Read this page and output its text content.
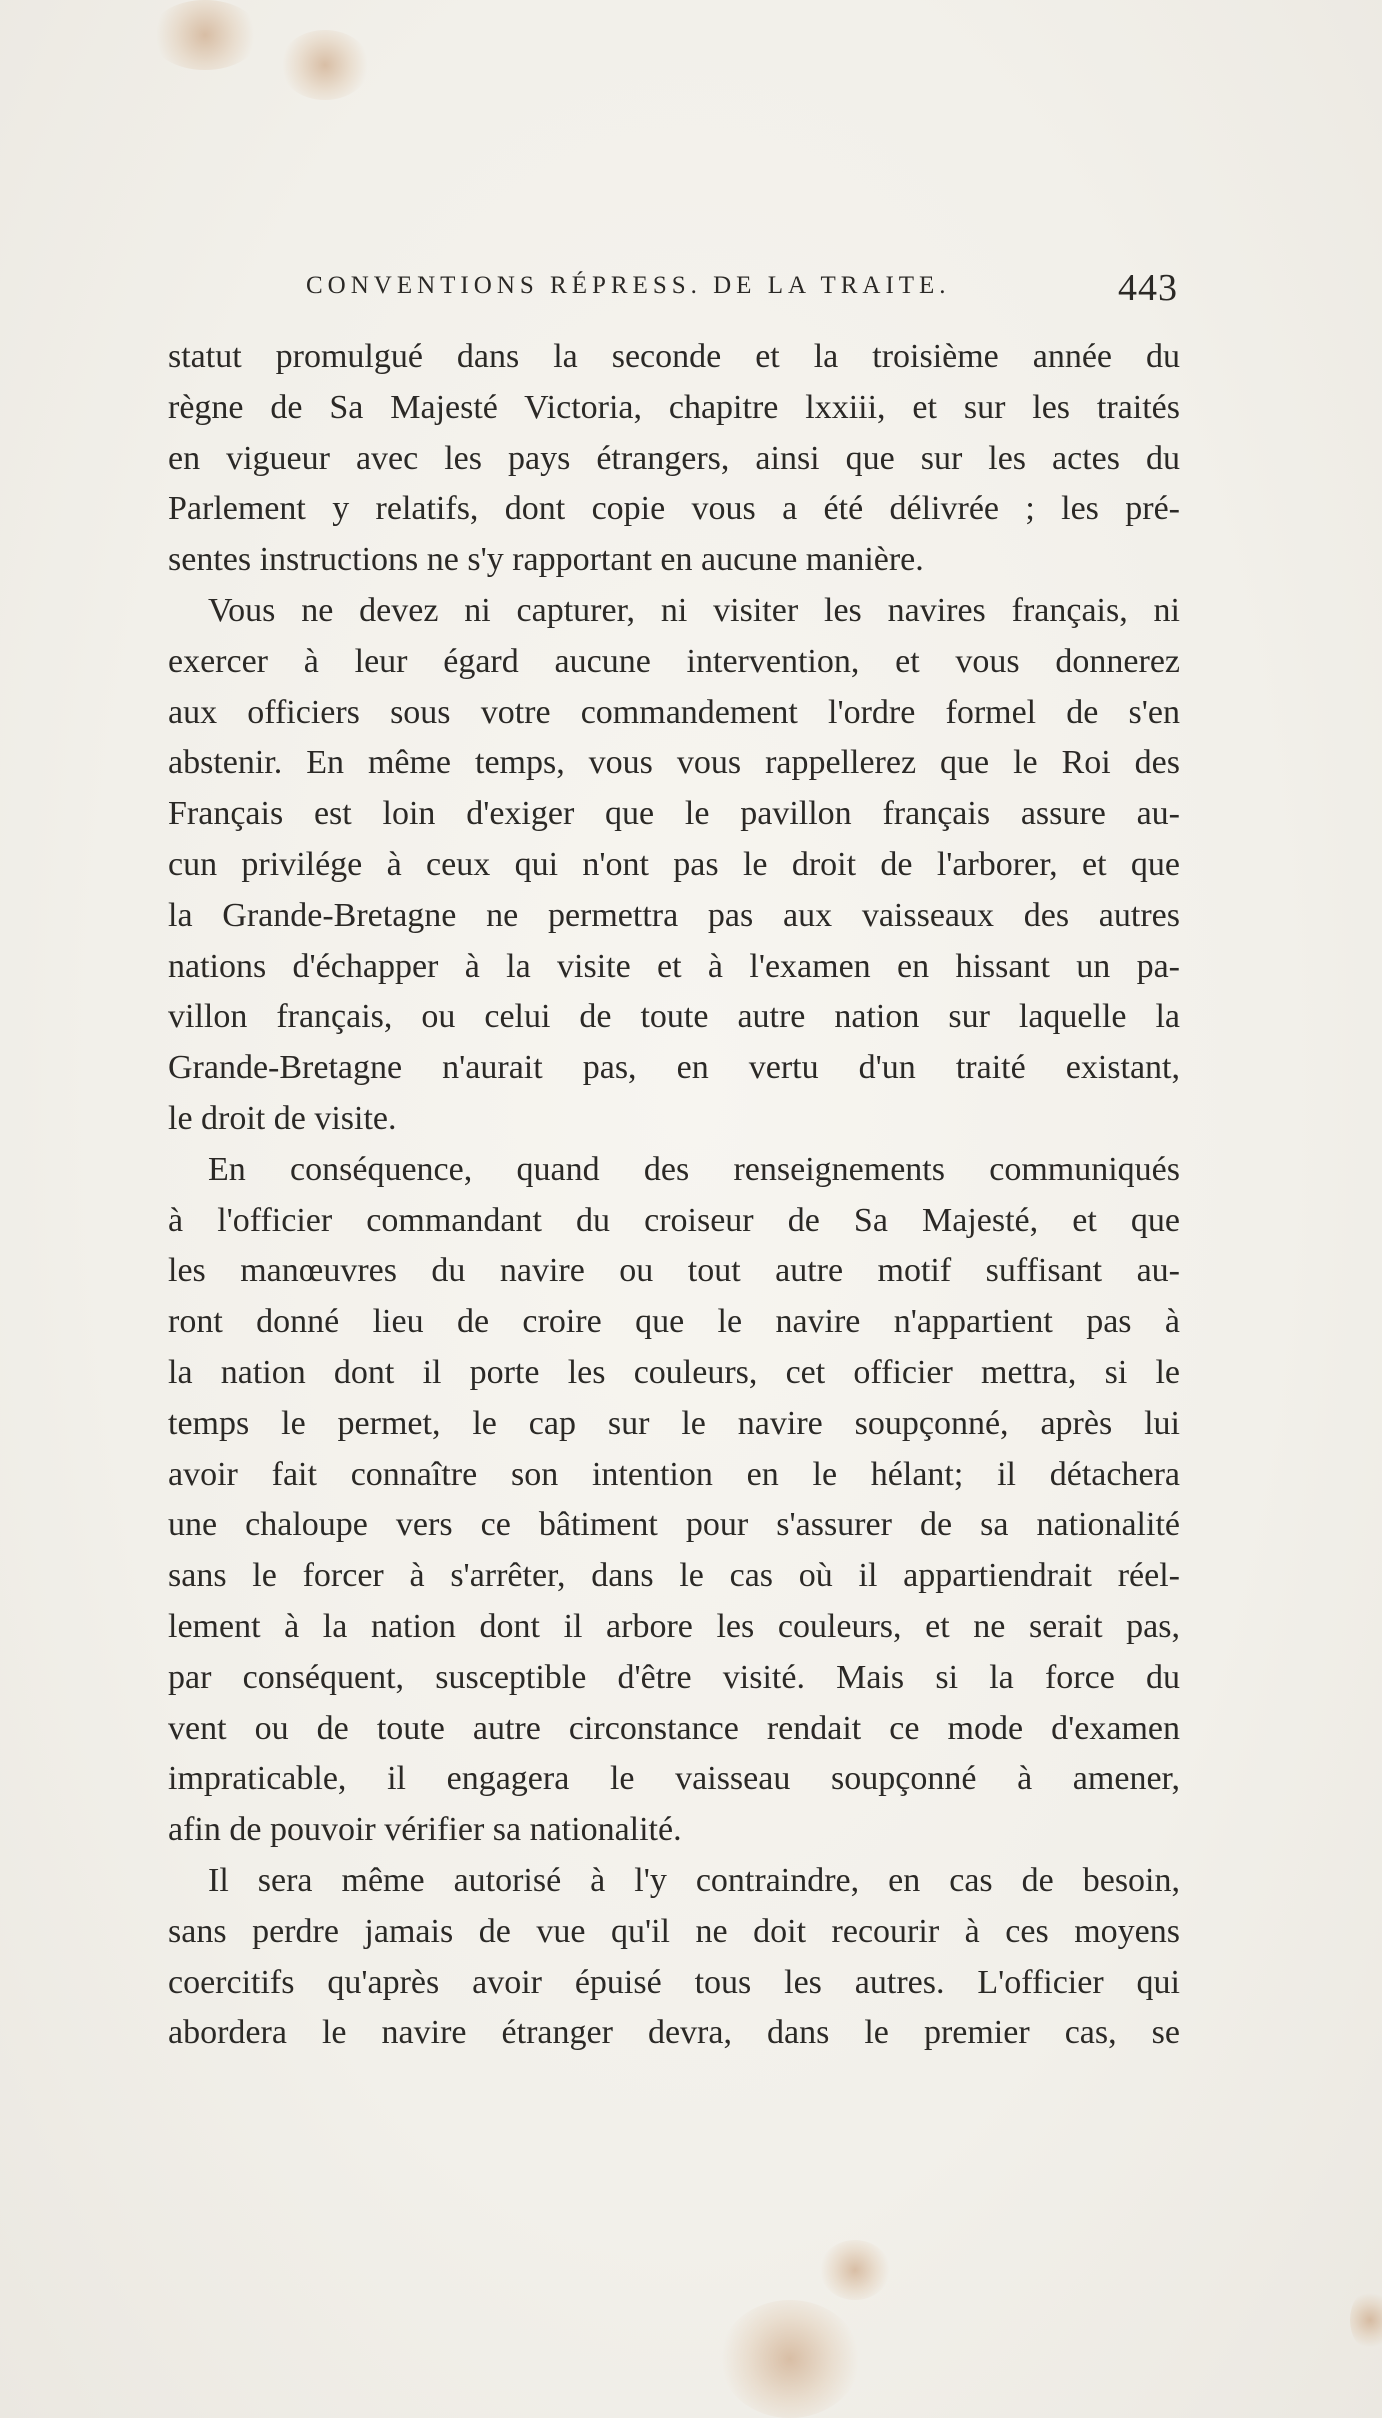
CONVENTIONS RÉPRESS. DE LA TRAITE.	443
statut promulgué dans la seconde et la troisième année du
règne de Sa Majesté Victoria, chapitre lxxiii, et sur les traités
en vigueur avec les pays étrangers, ainsi que sur les actes du
Parlement y relatifs, dont copie vous a été délivrée ; les pré-
sentes instructions ne s'y rapportant en aucune manière.
Vous ne devez ni capturer, ni visiter les navires français, ni
exercer à leur égard aucune intervention, et vous donnerez
aux officiers sous votre commandement l'ordre formel de s'en
abstenir. En même temps, vous vous rappellerez que le Roi des
Français est loin d'exiger que le pavillon français assure au-
cun privilége à ceux qui n'ont pas le droit de l'arborer, et que
la Grande-Bretagne ne permettra pas aux vaisseaux des autres
nations d'échapper à la visite et à l'examen en hissant un pa-
villon français, ou celui de toute autre nation sur laquelle la
Grande-Bretagne n'aurait pas, en vertu d'un traité existant,
le droit de visite.
En conséquence, quand des renseignements communiqués
à l'officier commandant du croiseur de Sa Majesté, et que
les manœuvres du navire ou tout autre motif suffisant au-
ront donné lieu de croire que le navire n'appartient pas à
la nation dont il porte les couleurs, cet officier mettra, si le
temps le permet, le cap sur le navire soupçonné, après lui
avoir fait connaître son intention en le hélant; il détachera
une chaloupe vers ce bâtiment pour s'assurer de sa nationalité
sans le forcer à s'arrêter, dans le cas où il appartiendrait réel-
lement à la nation dont il arbore les couleurs, et ne serait pas,
par conséquent, susceptible d'être visité. Mais si la force du
vent ou de toute autre circonstance rendait ce mode d'examen
impraticable, il engagera le vaisseau soupçonné à amener,
afin de pouvoir vérifier sa nationalité.
Il sera même autorisé à l'y contraindre, en cas de besoin,
sans perdre jamais de vue qu'il ne doit recourir à ces moyens
coercitifs qu'après avoir épuisé tous les autres. L'officier qui
abordera le navire étranger devra, dans le premier cas, se
